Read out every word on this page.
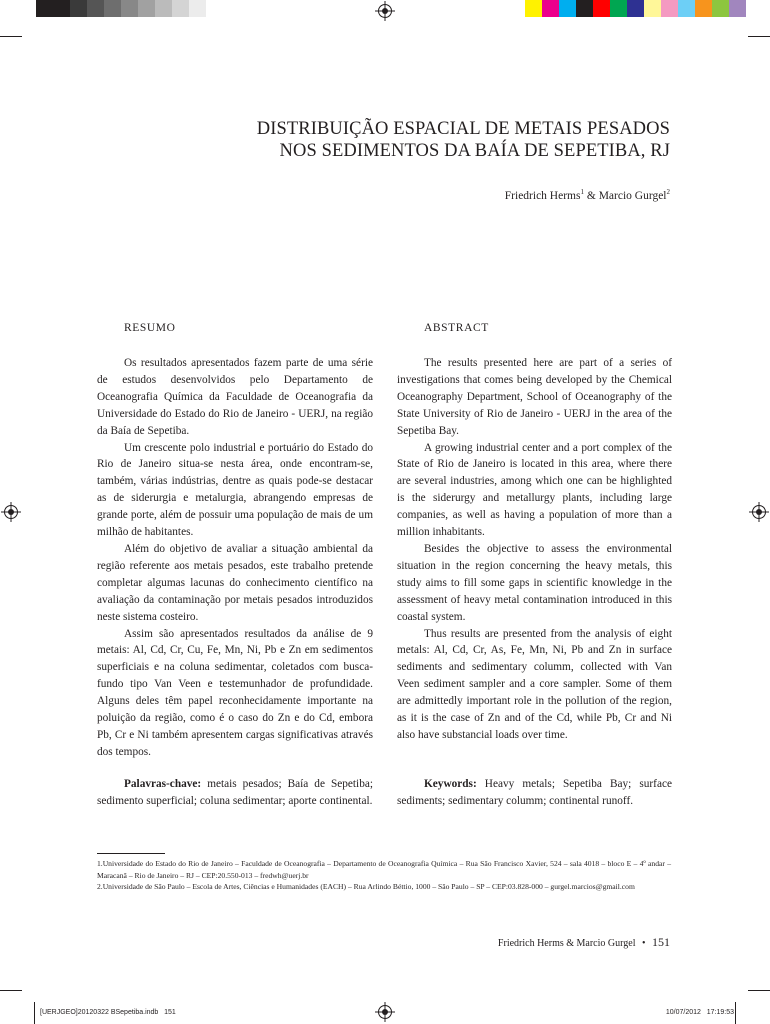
DISTRIBUIÇÃO ESPACIAL DE METAIS PESADOS
NOS SEDIMENTOS DA BAÍA DE SEPETIBA, RJ
Friedrich Herms$^1$ & Marcio Gurgel$^2$
RESUMO

Os resultados apresentados fazem parte de uma série de estudos desenvolvidos pelo Departamento de Oceanografia Química da Faculdade de Oceanografia da Universidade do Estado do Rio de Janeiro - UERJ, na região da Baía de Sepetiba.

Um crescente polo industrial e portuário do Estado do Rio de Janeiro situa-se nesta área, onde encontram-se, também, várias indústrias, dentre as quais pode-se destacar as de siderurgia e metalurgia, abrangendo empresas de grande porte, além de possuir uma população de mais de um milhão de habitantes.

Além do objetivo de avaliar a situação ambiental da região referente aos metais pesados, este trabalho pretende completar algumas lacunas do conhecimento científico na avaliação da contaminação por metais pesados introduzidos neste sistema costeiro.

Assim são apresentados resultados da análise de 9 metais: Al, Cd, Cr, Cu, Fe, Mn, Ni, Pb e Zn em sedimentos superficiais e na coluna sedimentar, coletados com busca-fundo tipo Van Veen e testemunhador de profundidade. Alguns deles têm papel reconhecidamente importante na poluição da região, como é o caso do Zn e do Cd, embora Pb, Cr e Ni também apresentem cargas significativas através dos tempos.

Palavras-chave: metais pesados; Baía de Sepetiba; sedimento superficial; coluna sedimentar; aporte continental.

ABSTRACT

The results presented here are part of a series of investigations that comes being developed by the Chemical Oceanography Department, School of Oceanography of the State University of Rio de Janeiro - UERJ in the area of the Sepetiba Bay.

A growing industrial center and a port complex of the State of Rio de Janeiro is located in this area, where there are several industries, among which one can be highlighted is the siderurgy and metallurgy plants, including large companies, as well as having a population of more than a million inhabitants.

Besides the objective to assess the environmental situation in the region concerning the heavy metals, this study aims to fill some gaps in scientific knowledge in the assessment of heavy metal contamination introduced in this coastal system.

Thus results are presented from the analysis of eight metals: Al, Cd, Cr, As, Fe, Mn, Ni, Pb and Zn in surface sediments and sedimentary columm, collected with Van Veen sediment sampler and a core sampler. Some of them are admittedly important role in the pollution of the region, as it is the case of Zn and of the Cd, while Pb, Cr and Ni also have substancial loads over time.

Keywords: Heavy metals; Sepetiba Bay; surface sediments; sedimentary columm; continental runoff.

1.Universidade do Estado do Rio de Janeiro – Faculdade de Oceanografia – Departamento de Oceanografia Química – Rua São Francisco Xavier, 524 – sala 4018 – bloco E – 4º andar – Maracanã – Rio de Janeiro – RJ – CEP:20.550-013 – fredwh@uerj.br

2.Universidade de São Paulo – Escola de Artes, Ciências e Humanidades (EACH) – Rua Arlindo Béttio, 1000 – São Paulo – SP – CEP:03.828-000 – gurgel.marcios@gmail.com

Friedrich Herms & Marcio Gurgel • 151
[UERJGEO]20120322 BSepetiba.indb   151	10/07/2012   17:19:53
